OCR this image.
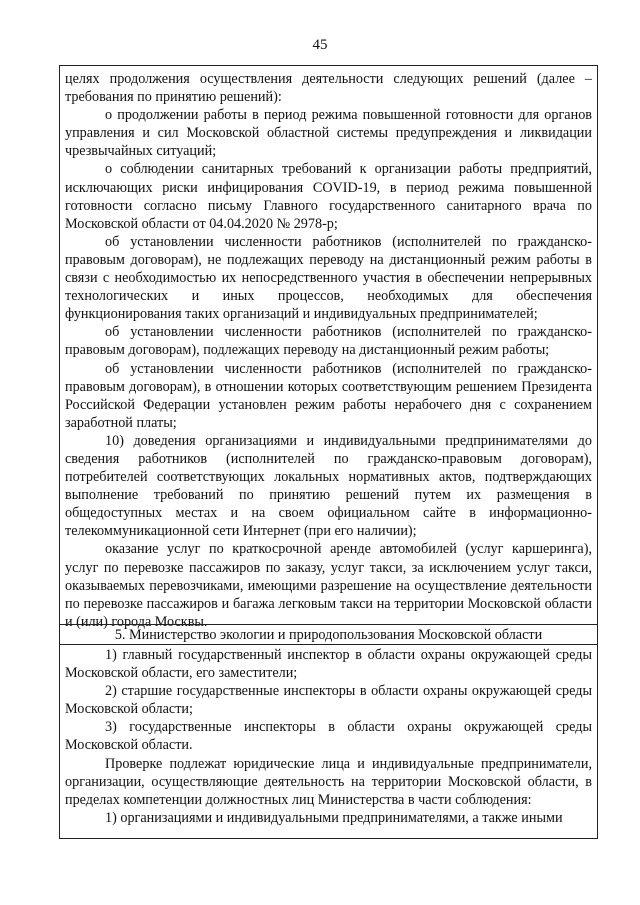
45

целях продолжения осуществления деятельности следующих решений (далее – требования по принятию решений):

о продолжении работы в период режима повышенной готовности для органов управления и сил Московской областной системы предупреждения и ликвидации чрезвычайных ситуаций;

о соблюдении санитарных требований к организации работы предприятий, исключающих риски инфицирования COVID-19, в период режима повышенной готовности согласно письму Главного государственного санитарного врача по Московской области от 04.04.2020 № 2978-р;

об установлении численности работников (исполнителей по гражданско-правовым договорам), не подлежащих переводу на дистанционный режим работы в связи с необходимостью их непосредственного участия в обеспечении непрерывных технологических и иных процессов, необходимых для обеспечения функционирования таких организаций и индивидуальных предпринимателей;

об установлении численности работников (исполнителей по гражданско-правовым договорам), подлежащих переводу на дистанционный режим работы;

об установлении численности работников (исполнителей по гражданско-правовым договорам), в отношении которых соответствующим решением Президента Российской Федерации установлен режим работы нерабочего дня с сохранением заработной платы;

10) доведения организациями и индивидуальными предпринимателями до сведения работников (исполнителей по гражданско-правовым договорам), потребителей соответствующих локальных нормативных актов, подтверждающих выполнение требований по принятию решений путем их размещения в общедоступных местах и на своем официальном сайте в информационно-телекоммуникационной сети Интернет (при его наличии);

оказание услуг по краткосрочной аренде автомобилей (услуг каршеринга), услуг по перевозке пассажиров по заказу, услуг такси, за исключением услуг такси, оказываемых перевозчиками, имеющими разрешение на осуществление деятельности по перевозке пассажиров и багажа легковым такси на территории Московской области и (или) города Москвы.

5. Министерство экологии и природопользования Московской области

1) главный государственный инспектор в области охраны окружающей среды Московской области, его заместители;

2) старшие государственные инспекторы в области охраны окружающей среды Московской области;

3) государственные инспекторы в области охраны окружающей среды Московской области.

Проверке подлежат юридические лица и индивидуальные предприниматели, организации, осуществляющие деятельность на территории Московской области, в пределах компетенции должностных лиц Министерства в части соблюдения:

1) организациями и индивидуальными предпринимателями, а также иными
